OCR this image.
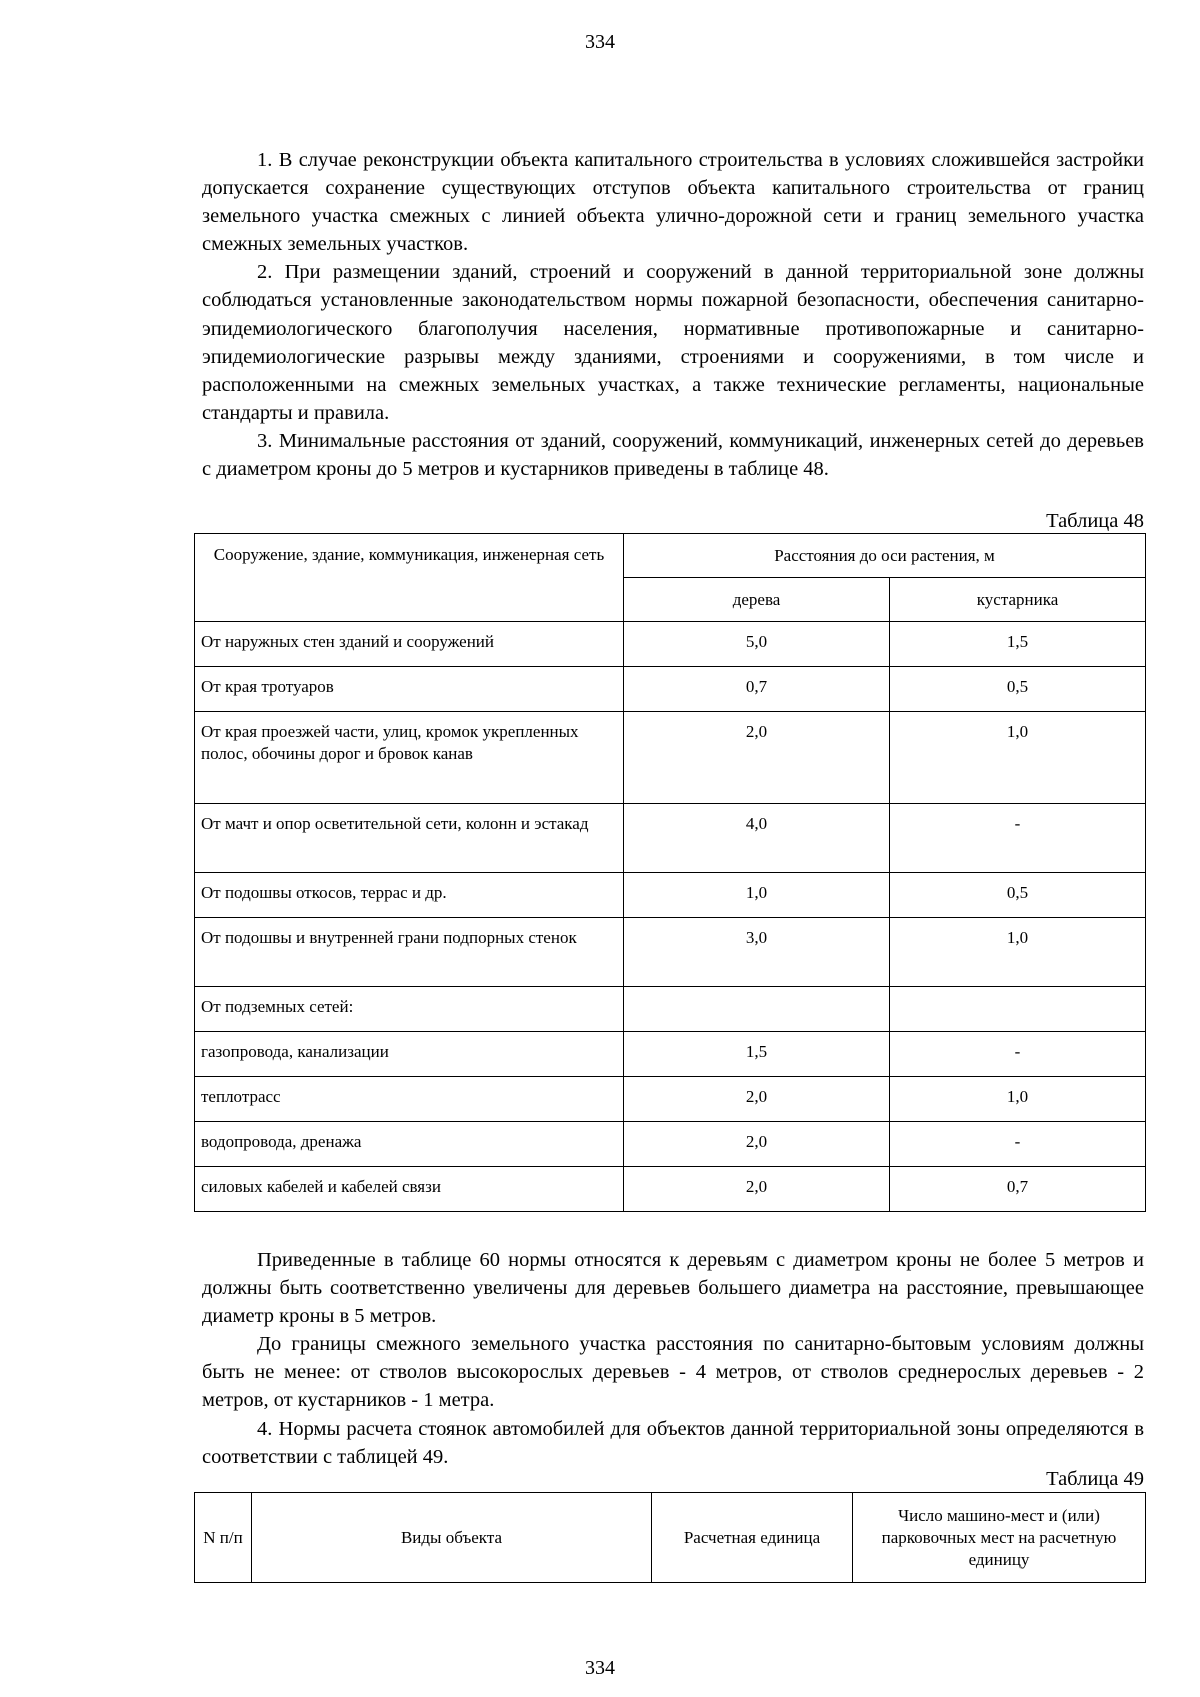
334

1. В случае реконструкции объекта капитального строительства в условиях сложившейся застройки допускается сохранение существующих отступов объекта капитального строительства от границ земельного участка смежных с линией объекта улично-дорожной сети и границ земельного участка смежных земельных участков.

2. При размещении зданий, строений и сооружений в данной территориальной зоне должны соблюдаться установленные законодательством нормы пожарной безопасности, обеспечения санитарно-эпидемиологического благополучия населения, нормативные противопожарные и санитарно-эпидемиологические разрывы между зданиями, строениями и сооружениями, в том числе и расположенными на смежных земельных участках, а также технические регламенты, национальные стандарты и правила.

3. Минимальные расстояния от зданий, сооружений, коммуникаций, инженерных сетей до деревьев с диаметром кроны до 5 метров и кустарников приведены в таблице 48.

Таблица 48
Сооружение, здание, коммуникация, инженерная сеть	Расстояния до оси растения, м	
	дерева	кустарника
От наружных стен зданий и сооружений	5,0	1,5
От края тротуаров	0,7	0,5
От края проезжей части, улиц, кромок укрепленных полос, обочины дорог и бровок канав	2,0	1,0
От мачт и опор осветительной сети, колонн и эстакад	4,0	-
От подошвы откосов, террас и др.	1,0	0,5
От подошвы и внутренней грани подпорных стенок	3,0	1,0
От подземных сетей:		
газопровода, канализации	1,5	-
теплотрасс	2,0	1,0
водопровода, дренажа	2,0	-
силовых кабелей и кабелей связи	2,0	0,7

Приведенные в таблице 60 нормы относятся к деревьям с диаметром кроны не более 5 метров и должны быть соответственно увеличены для деревьев большего диаметра на расстояние, превышающее диаметр кроны в 5 метров.

До границы смежного земельного участка расстояния по санитарно-бытовым условиям должны быть не менее: от стволов высокорослых деревьев - 4 метров, от стволов среднерослых деревьев - 2 метров, от кустарников - 1 метра.

4. Нормы расчета стоянок автомобилей для объектов данной территориальной зоны определяются в соответствии с таблицей 49.

Таблица 49
N п/п	Виды объекта	Расчетная единица	Число машино-мест и (или) парковочных мест на расчетную единицу
334
